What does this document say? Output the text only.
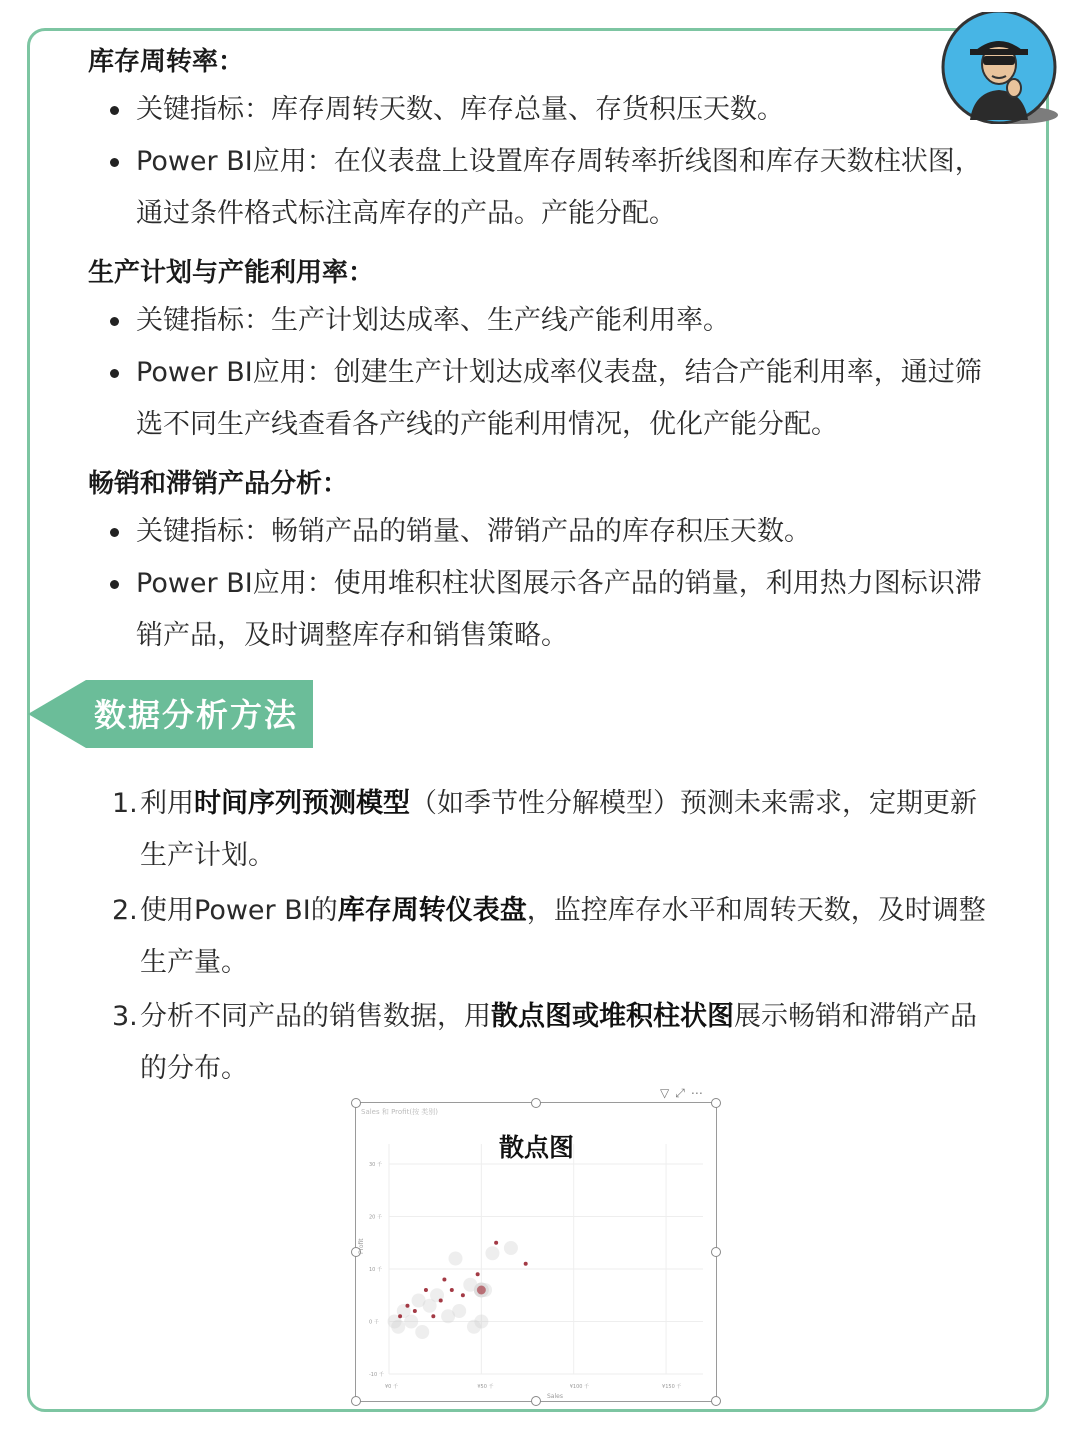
库存周转率：
关键指标：库存周转天数、库存总量、存货积压天数。
Power BI应用：在仪表盘上设置库存周转率折线图和库存天数柱状图，通过条件格式标注高库存的产品。产能分配。
生产计划与产能利用率：
关键指标：生产计划达成率、生产线产能利用率。
Power BI应用：创建生产计划达成率仪表盘，结合产能利用率，通过筛选不同生产线查看各产线的产能利用情况，优化产能分配。
畅销和滞销产品分析：
关键指标：畅销产品的销量、滞销产品的库存积压天数。
Power BI应用：使用堆积柱状图展示各产品的销量，利用热力图标识滞销产品，及时调整库存和销售策略。
数据分析方法
1. 利用时间序列预测模型（如季节性分解模型）预测未来需求，定期更新生产计划。
2. 使用Power BI的库存周转仪表盘，监控库存水平和周转天数，及时调整生产量。
3. 分析不同产品的销售数据，用散点图或堆积柱状图展示畅销和滞销产品的分布。
▽⤢⋯
Sales 和 Profit(按 类别)
Profit
Sales
30 千
20 千
10 千
0 千
-10 千
¥0 千	¥50 千	¥100 千	¥150 千
散点图
